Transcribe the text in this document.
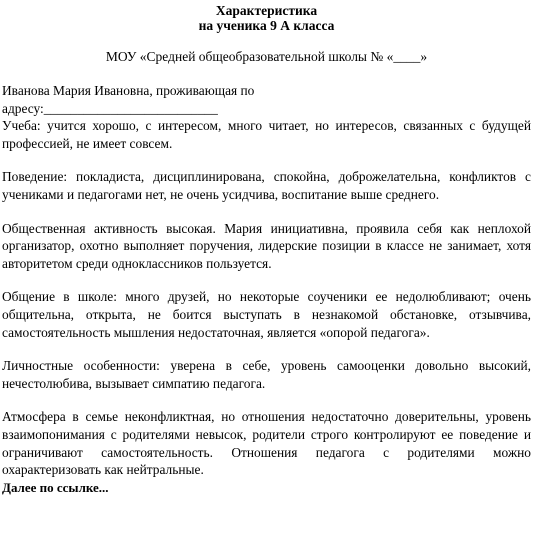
Характеристика
на ученика 9 А класса
МОУ «Средней общеобразовательной школы № «____»

Иванова Мария Ивановна, проживающая по

адресу:__________________________

Учеба: учится хорошо, с интересом, много читает, но интересов, связанных с будущей профессией, не имеет совсем.

Поведение: покладиста, дисциплинирована, спокойна, доброжелательна, конфликтов с учениками и педагогами нет, не очень усидчива, воспитание выше среднего.

Общественная активность высокая. Мария инициативна, проявила себя как неплохой организатор, охотно выполняет поручения, лидерские позиции в классе не занимает, хотя авторитетом среди одноклассников пользуется.

Общение в школе: много друзей, но некоторые соученики ее недолюбливают; очень общительна, открыта, не боится выступать в незнакомой обстановке, отзывчива, самостоятельность мышления недостаточная, является «опорой педагога».

Личностные особенности: уверена в себе, уровень самооценки довольно высокий, нечестолюбива, вызывает симпатию педагога.

Атмосфера в семье неконфликтная, но отношения недостаточно доверительны, уровень взаимопонимания с родителями невысок, родители строго контролируют ее поведение и ограничивают самостоятельность. Отношения педагога с родителями можно охарактеризовать как нейтральные.

Далее по ссылке...
